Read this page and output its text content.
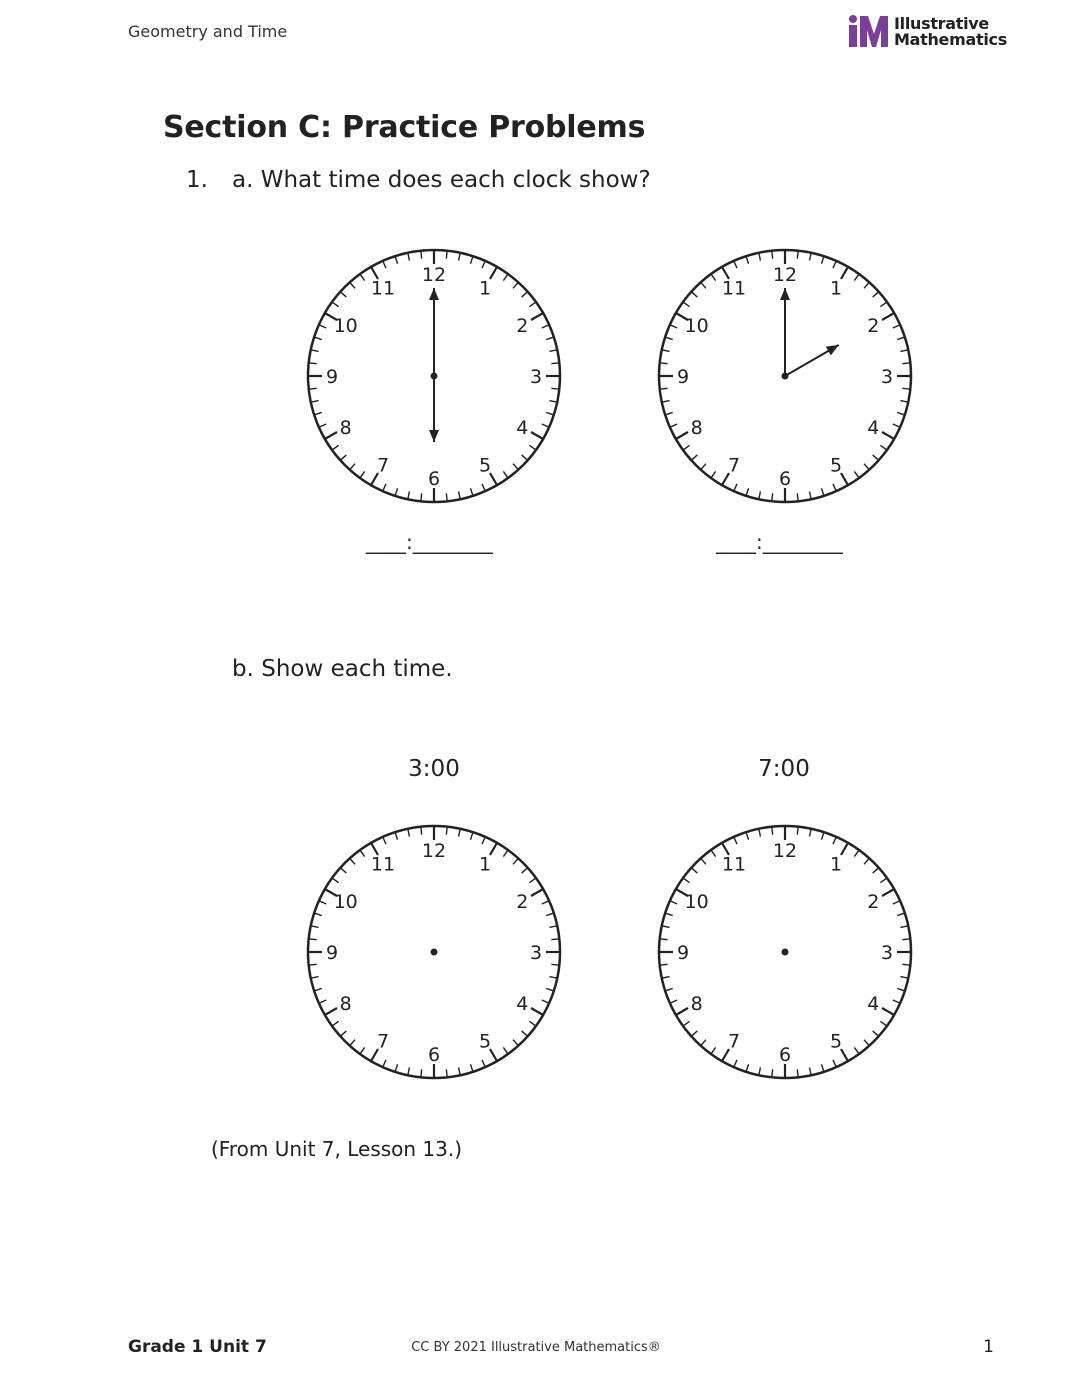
Geometry and Time	Illustrative
Mathematics
Section C: Practice Problems
1. a. What time does each clock show?
12
1
2
3
4
5
6
7
8
9
10
11
12
1
2
3
4
5
6
7
8
9
10
11
____:________	____:________
b. Show each time.
3:00	7:00
12
1
2
3
4
5
6
7
8
9
10
11
12
1
2
3
4
5
6
7
8
9
10
11
(From Unit 7, Lesson 13.)
Grade 1 Unit 7	CC BY 2021 Illustrative Mathematics®	1
